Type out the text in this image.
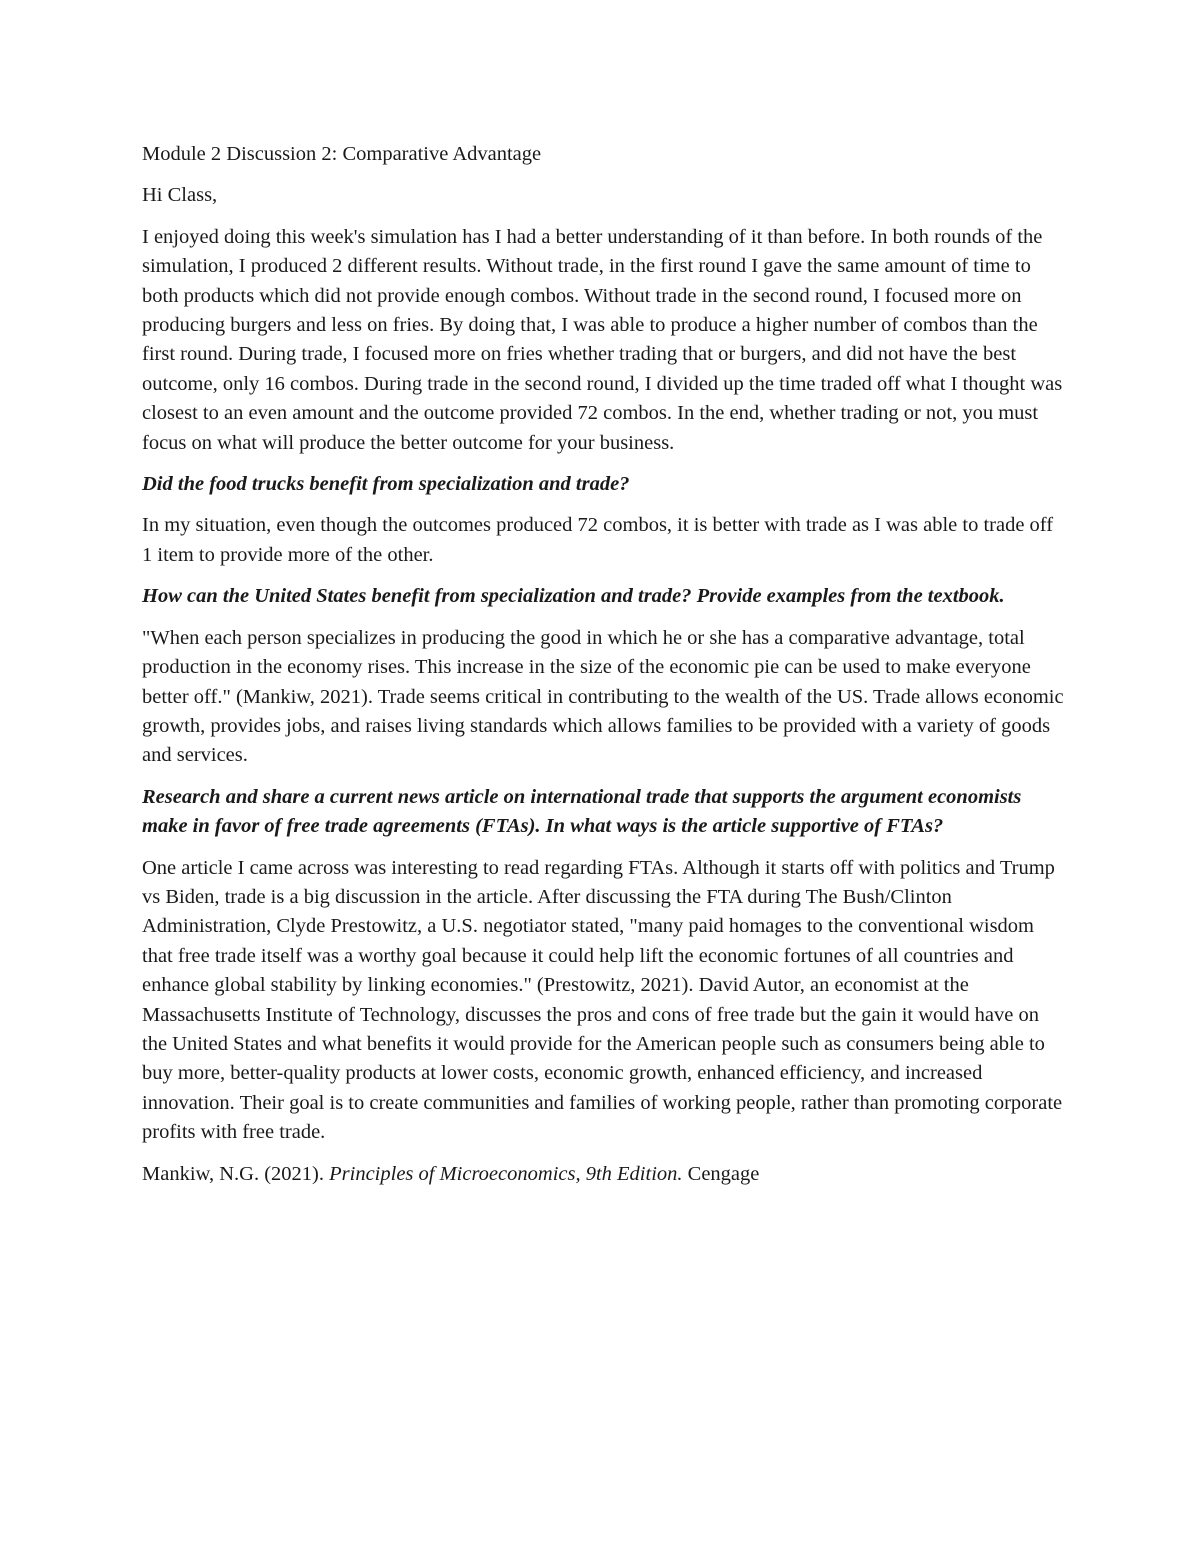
Module 2 Discussion 2: Comparative Advantage

Hi Class,

I enjoyed doing this week's simulation has I had a better understanding of it than before. In both rounds of the simulation, I produced 2 different results. Without trade, in the first round I gave the same amount of time to both products which did not provide enough combos. Without trade in the second round, I focused more on producing burgers and less on fries. By doing that, I was able to produce a higher number of combos than the first round. During trade, I focused more on fries whether trading that or burgers, and did not have the best outcome, only 16 combos. During trade in the second round, I divided up the time traded off what I thought was closest to an even amount and the outcome provided 72 combos. In the end, whether trading or not, you must focus on what will produce the better outcome for your business.

Did the food trucks benefit from specialization and trade?

In my situation, even though the outcomes produced 72 combos, it is better with trade as I was able to trade off 1 item to provide more of the other.

How can the United States benefit from specialization and trade? Provide examples from the textbook.

"When each person specializes in producing the good in which he or she has a comparative advantage, total production in the economy rises. This increase in the size of the economic pie can be used to make everyone better off." (Mankiw, 2021). Trade seems critical in contributing to the wealth of the US. Trade allows economic growth, provides jobs, and raises living standards which allows families to be provided with a variety of goods and services.

Research and share a current news article on international trade that supports the argument economists make in favor of free trade agreements (FTAs). In what ways is the article supportive of FTAs?

One article I came across was interesting to read regarding FTAs. Although it starts off with politics and Trump vs Biden, trade is a big discussion in the article. After discussing the FTA during The Bush/Clinton Administration, Clyde Prestowitz, a U.S. negotiator stated, "many paid homages to the conventional wisdom that free trade itself was a worthy goal because it could help lift the economic fortunes of all countries and enhance global stability by linking economies." (Prestowitz, 2021). David Autor, an economist at the Massachusetts Institute of Technology, discusses the pros and cons of free trade but the gain it would have on the United States and what benefits it would provide for the American people such as consumers being able to buy more, better-quality products at lower costs, economic growth, enhanced efficiency, and increased innovation. Their goal is to create communities and families of working people, rather than promoting corporate profits with free trade.

Mankiw, N.G. (2021). Principles of Microeconomics, 9th Edition. Cengage
